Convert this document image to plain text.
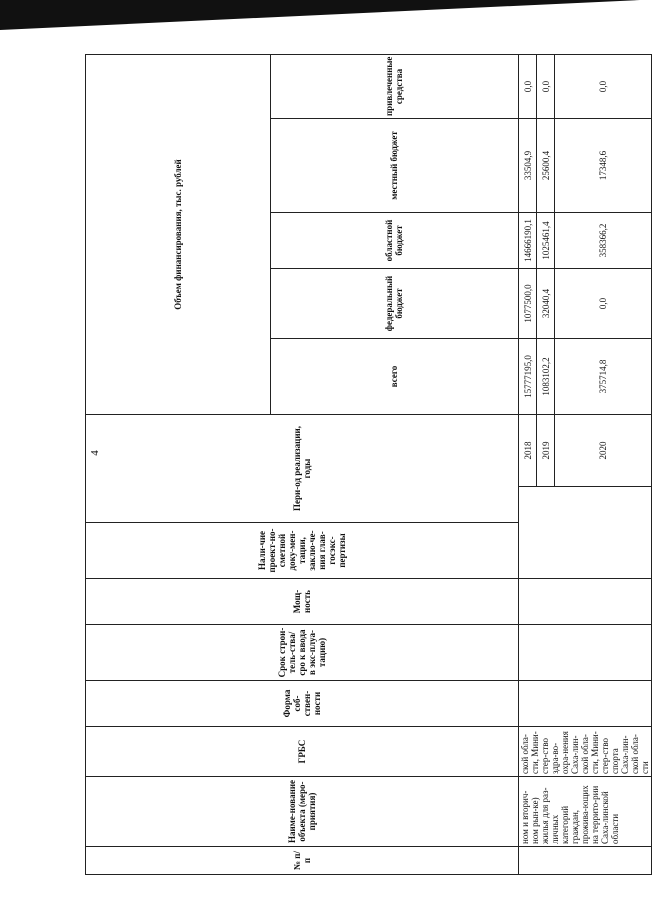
4
№ п/п	Наиме-нование объекта (меро-приятия)	ГРБС	Форма соб-ствен-ности	Срок строи-тель-ства/сро к ввода в экс-плуа-тацию)	Мощ-ность	Нали-чие проект-но-сметной доку-мен-тации, заклю-че-ния глав-госэкс-пертизы	Пери-од реализации, годы		Объем финансирования, тыс. рублей	
									всего	федеральный бюджет	областной бюджет	местный бюджет	привлеченные средства	
	ном и вторич-ном рын-ке) жилья для раз-личных категорий граждан, прожива-ющих на террито-рии Саха-линской области	ской обла-сти, Мини-стер-ство здра-во-охра-нения Саха-лин-ской обла-сти, Мини-стер-ство спорта Саха-лин-ской обла-сти						2018	15777195,0	1077500,0	14666190,1	33504,9	0,0	
								2019	1083102,2	32040,4	1025461,4	25600,4	0,0	
								2020	375714,8	0,0	358366,2	17348,6	0,0	
